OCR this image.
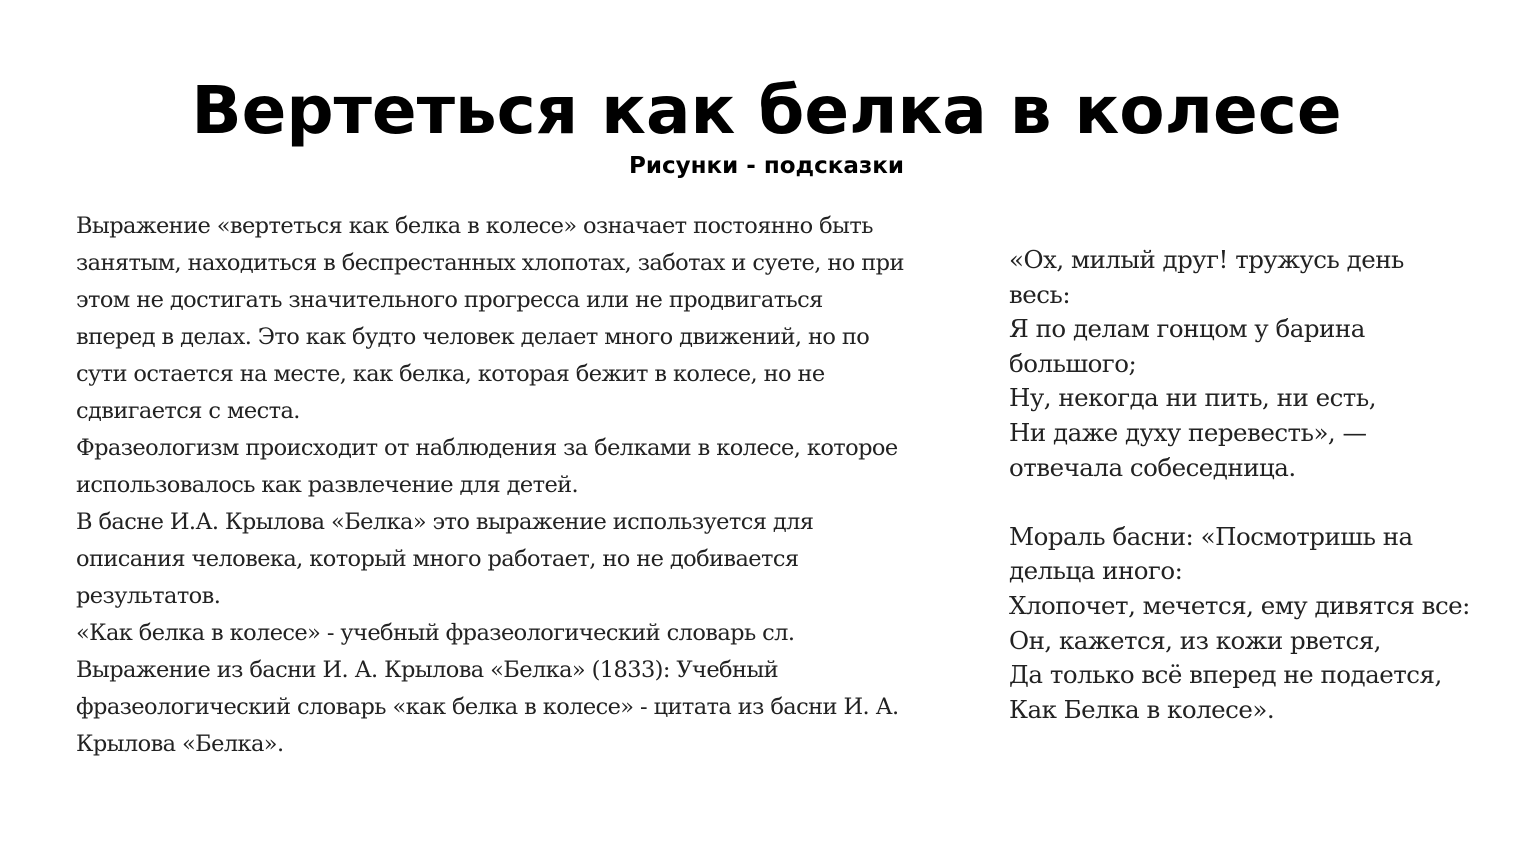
Вертеться как белка в колесе
Рисунки - подсказки
Выражение «вертеться как белка в колесе» означает постоянно быть
занятым, находиться в беспрестанных хлопотах, заботах и суете, но при
этом не достигать значительного прогресса или не продвигаться
вперед в делах. Это как будто человек делает много движений, но по
сути остается на месте, как белка, которая бежит в колесе, но не
сдвигается с места.
Фразеологизм происходит от наблюдения за белками в колесе, которое
использовалось как развлечение для детей.
В басне И.А. Крылова «Белка» это выражение используется для
описания человека, который много работает, но не добивается
результатов.
«Как белка в колесе» - учебный фразеологический словарь сл.
Выражение из басни И. А. Крылова «Белка» (1833): Учебный
фразеологический словарь «как белка в колесе» - цитата из басни И. А.
Крылова «Белка».
«Ох, милый друг! тружусь день
весь:
Я по делам гонцом у барина
большого;
Ну, некогда ни пить, ни есть,
Ни даже духу перевесть», —
отвечала собеседница.
Мораль басни: «Посмотришь на
дельца иного:
Хлопочет, мечется, ему дивятся все:
Он, кажется, из кожи рвется,
Да только всё вперед не подается,
Как Белка в колесе».
